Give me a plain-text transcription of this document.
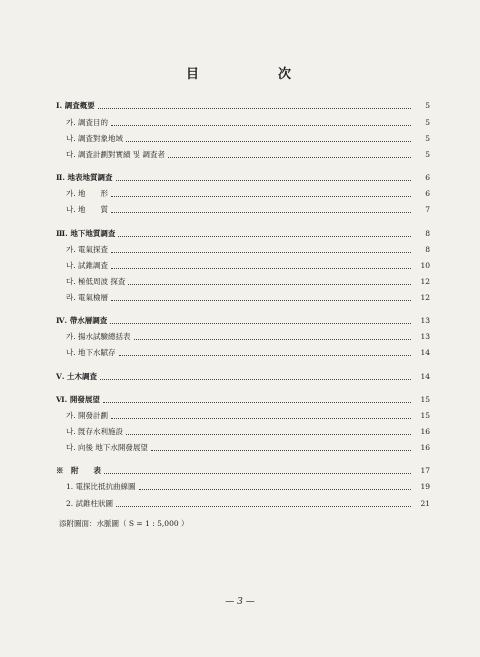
目	次
Ⅰ. 調査槪要	5
가. 調査目的	5
나. 調査對象地域	5
다. 調査計劃對實績 및 調査者	5
Ⅱ. 地表地質調査	6
가. 地　　形	6
나. 地　　質	7
Ⅲ. 地下地質調査	8
가. 電氣探査	8
나. 試錐調査	10
다. 極低周波 探査	12
라. 電氣檢層	12
Ⅳ. 帶水層調査	13
가. 揚水試驗總括表	13
나. 地下水賦存	14
Ⅴ. 土木調査	14
Ⅵ. 開發展望	15
가. 開發計劃	15
나. 旣存水利施設	16
다. 向後 地下水開發展望	16
※　附　　表	17
1. 電探比抵抗曲線圖	19
2. 試錐柱狀圖	21
添附圖面：水脈圖（ S = 1 : 5,000 ）
— 3 —
